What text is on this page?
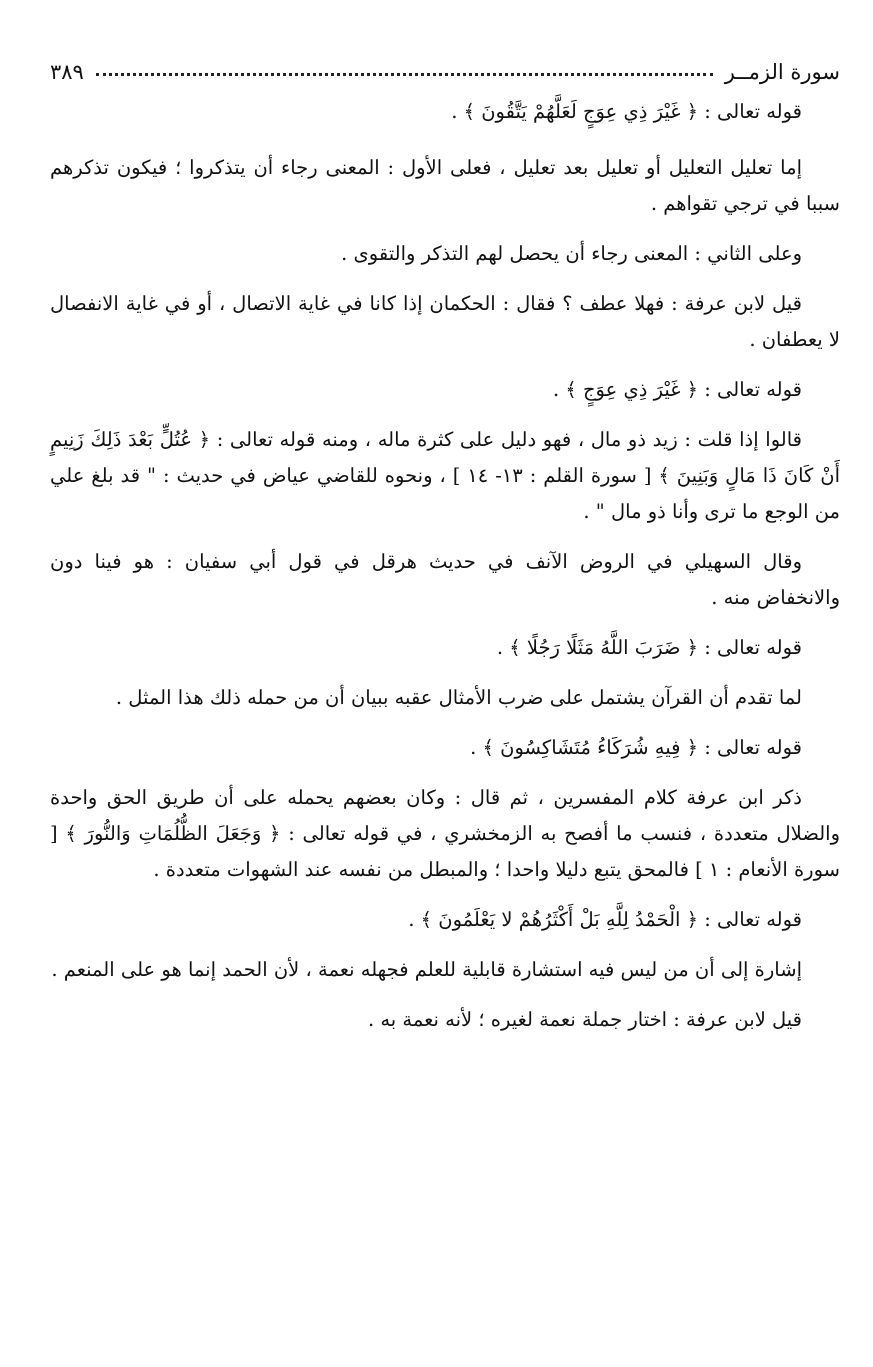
سورة الزمــر
٣٨٩

قوله تعالى : ﴿ غَيْرَ ذِي عِوَجٍ لَعَلَّهُمْ يَتَّقُونَ ﴾ .

إما تعليل التعليل أو تعليل بعد تعليل ، فعلى الأول : المعنى رجاء أن يتذكروا ؛ فيكون تذكرهم سببا في ترجي تقواهم .

وعلى الثاني : المعنى رجاء أن يحصل لهم التذكر والتقوى .

قيل لابن عرفة : فهلا عطف ؟ فقال : الحكمان إذا كانا في غاية الاتصال ، أو في غاية الانفصال لا يعطفان .

قوله تعالى : ﴿ غَيْرَ ذِي عِوَجٍ ﴾ .

قالوا إذا قلت : زيد ذو مال ، فهو دليل على كثرة ماله ، ومنه قوله تعالى : ﴿ عُتُلٍّ بَعْدَ ذَلِكَ زَنِيمٍ أَنْ كَانَ ذَا مَالٍ وَبَنِينَ ﴾ [ سورة القلم : ١٣- ١٤ ] ، ونحوه للقاضي عياض في حديث : " قد بلغ علي من الوجع ما ترى وأنا ذو مال " .

وقال السهيلي في الروض الآنف في حديث هرقل في قول أبي سفيان : هو فينا دون والانخفاض منه .

قوله تعالى : ﴿ ضَرَبَ اللَّهُ مَثَلًا رَجُلًا ﴾ .

لما تقدم أن القرآن يشتمل على ضرب الأمثال عقبه ببيان أن من حمله ذلك هذا المثل .

قوله تعالى : ﴿ فِيهِ شُرَكَاءُ مُتَشَاكِسُونَ ﴾ .

ذكر ابن عرفة كلام المفسرين ، ثم قال : وكان بعضهم يحمله على أن طريق الحق واحدة والضلال متعددة ، فنسب ما أفصح به الزمخشري ، في قوله تعالى : ﴿ وَجَعَلَ الظُّلُمَاتِ وَالنُّورَ ﴾ [ سورة الأنعام : ١ ] فالمحق يتبع دليلا واحدا ؛ والمبطل من نفسه عند الشهوات متعددة .

قوله تعالى : ﴿ الْحَمْدُ لِلَّهِ بَلْ أَكْثَرُهُمْ لا يَعْلَمُونَ ﴾ .

إشارة إلى أن من ليس فيه استشارة قابلية للعلم فجهله نعمة ، لأن الحمد إنما هو على المنعم .

قيل لابن عرفة : اختار جملة نعمة لغيره ؛ لأنه نعمة به .
